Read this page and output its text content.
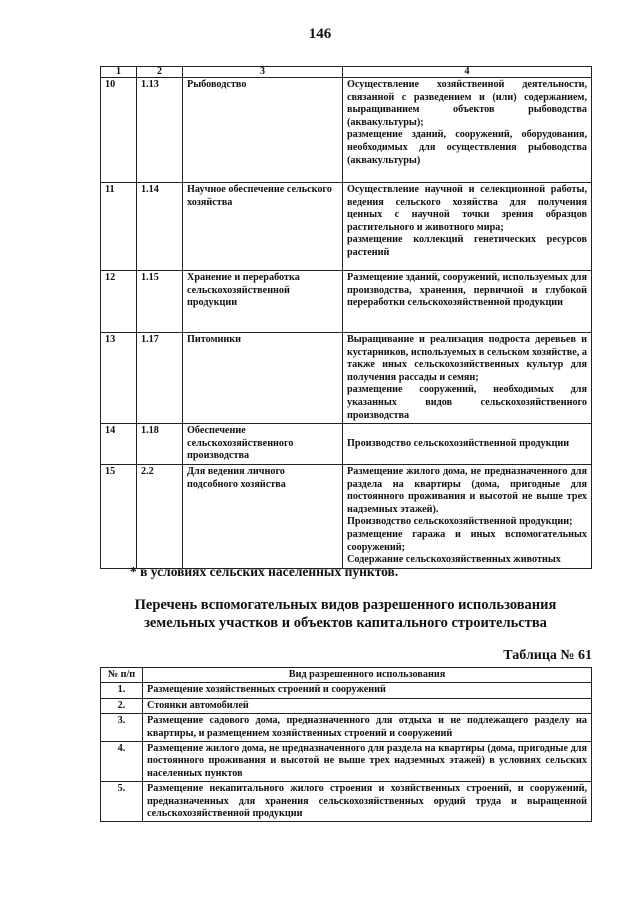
146
1	2	3	4
10	1.13	Рыбоводство	Осуществление хозяйственной деятельности, связанной с разведением и (или) содержанием, выращиванием объектов рыбоводства (аквакультуры);
размещение зданий, сооружений, оборудования, необходимых для осуществления рыбоводства (аквакультуры)

11	1.14	Научное обеспечение сельского хозяйства	Осуществление научной и селекционной работы, ведения сельского хозяйства для получения ценных с научной точки зрения образцов растительного и животного мира;
размещение коллекций генетических ресурсов растений

12	1.15	Хранение и переработка сельскохозяйственной продукции	Размещение зданий, сооружений, используемых для производства, хранения, первичной и глубокой переработки сельскохозяйственной продукции

13	1.17	Питомники	Выращивание и реализация подроста деревьев и кустарников, используемых в сельском хозяйстве, а также иных сельскохозяйственных культур для получения рассады и семян;
размещение сооружений, необходимых для указанных видов сельскохозяйственного производства

14	1.18	Обеспечение сельскохозяйственного производства	Производство сельскохозяйственной продукции

15	2.2	Для ведения личного подсобного хозяйства	Размещение жилого дома, не предназначенного для раздела на квартиры (дома, пригодные для постоянного проживания и высотой не выше трех надземных этажей).
Производство сельскохозяйственной продукции;
размещение гаража и иных вспомогательных сооружений;
Содержание сельскохозяйственных животных
* в условиях сельских населенных пунктов.
Перечень вспомогательных видов разрешенного использования земельных участков и объектов капитального строительства
Таблица № 61
№ п/п	Вид разрешенного использования
1.	Размещение хозяйственных строений и сооружений
2.	Стоянки автомобилей
3.	Размещение садового дома, предназначенного для отдыха и не подлежащего разделу на квартиры, и размещением хозяйственных строений и сооружений
4.	Размещение жилого дома, не предназначенного для раздела на квартиры (дома, пригодные для постоянного проживания и высотой не выше трех надземных этажей) в условиях сельских населенных пунктов
5.	Размещение некапитального жилого строения и хозяйственных строений, и сооружений, предназначенных для хранения сельскохозяйственных орудий труда и выращенной сельскохозяйственной продукции
